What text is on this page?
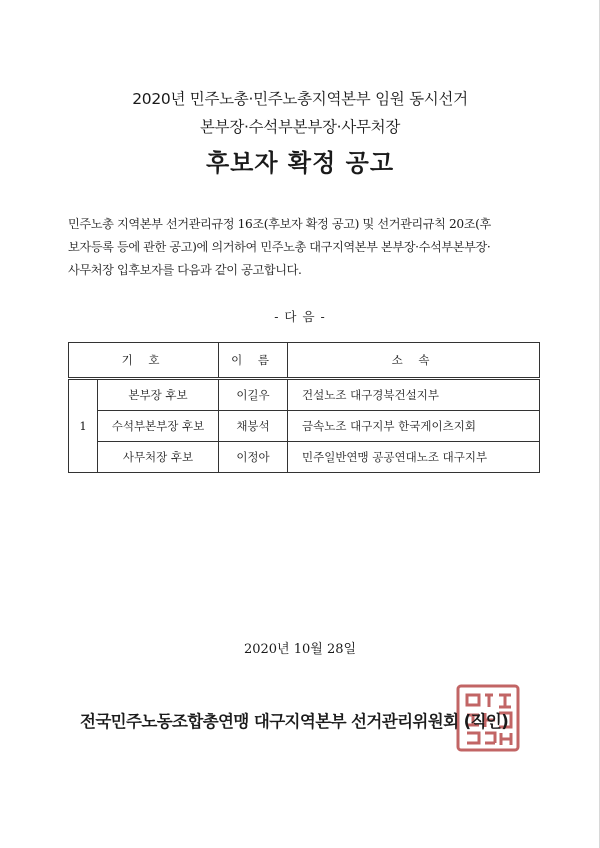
2020년 민주노총·민주노총지역본부 임원 동시선거
본부장·수석부본부장·사무처장
후보자 확정 공고
민주노총 지역본부 선거관리규정 16조(후보자 확정 공고) 및 선거관리규칙 20조(후
보자등록 등에 관한 공고)에 의거하여 민주노총 대구지역본부 본부장·수석부본부장·
사무처장 입후보자를 다음과 같이 공고합니다.
- 다 음 -
기 호		이 름	소 속
1	본부장 후보	이길우	건설노조 대구경북건설지부
	수석부본부장 후보	채붕석	금속노조 대구지부 한국게이츠지회
	사무처장 후보	이정아	민주일반연맹 공공연대노조 대구지부
2020년 10월 28일
전국민주노동조합총연맹 대구지역본부 선거관리위원회 (직인)
